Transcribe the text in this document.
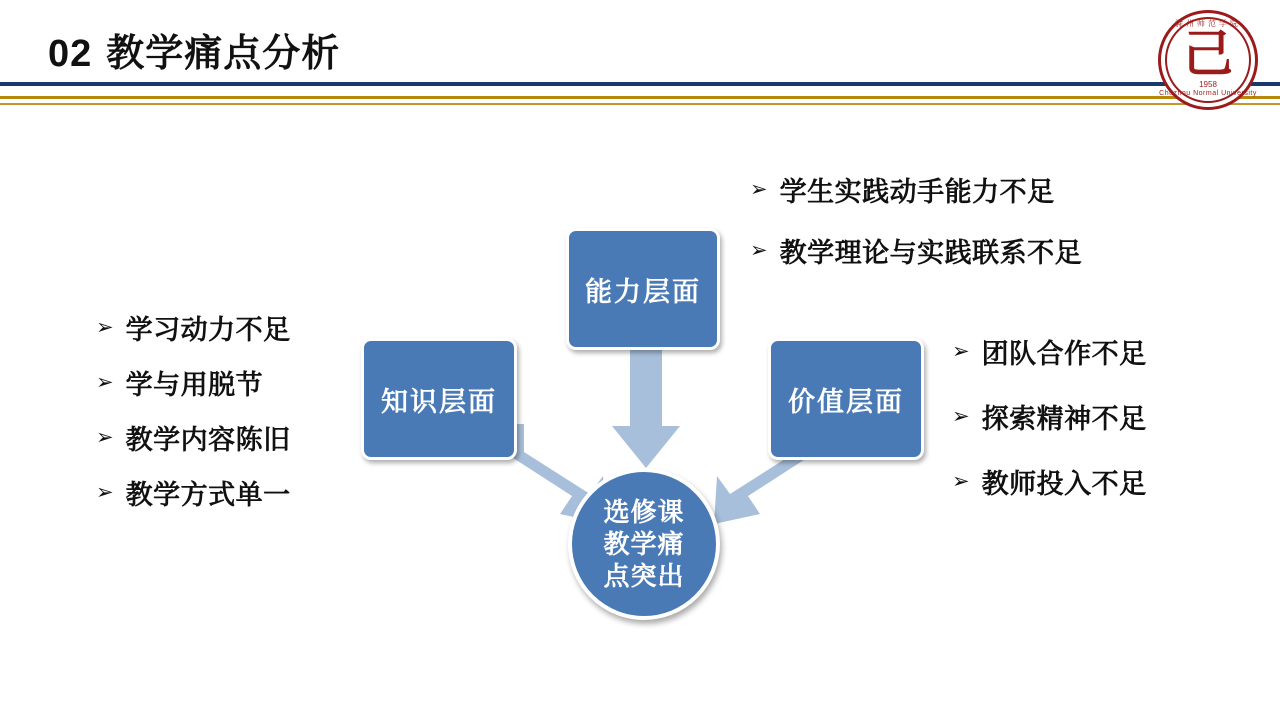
02 教学痛点分析
滁州师范学院
己
1958
Chuzhou Normal University
➢ 学习动力不足
➢ 学与用脱节
➢ 教学内容陈旧
➢ 教学方式单一
➢ 学生实践动手能力不足
➢ 教学理论与实践联系不足
➢ 团队合作不足
➢ 探索精神不足
➢ 教师投入不足
能力层面
知识层面	价值层面
选修课
教学痛
点突出
